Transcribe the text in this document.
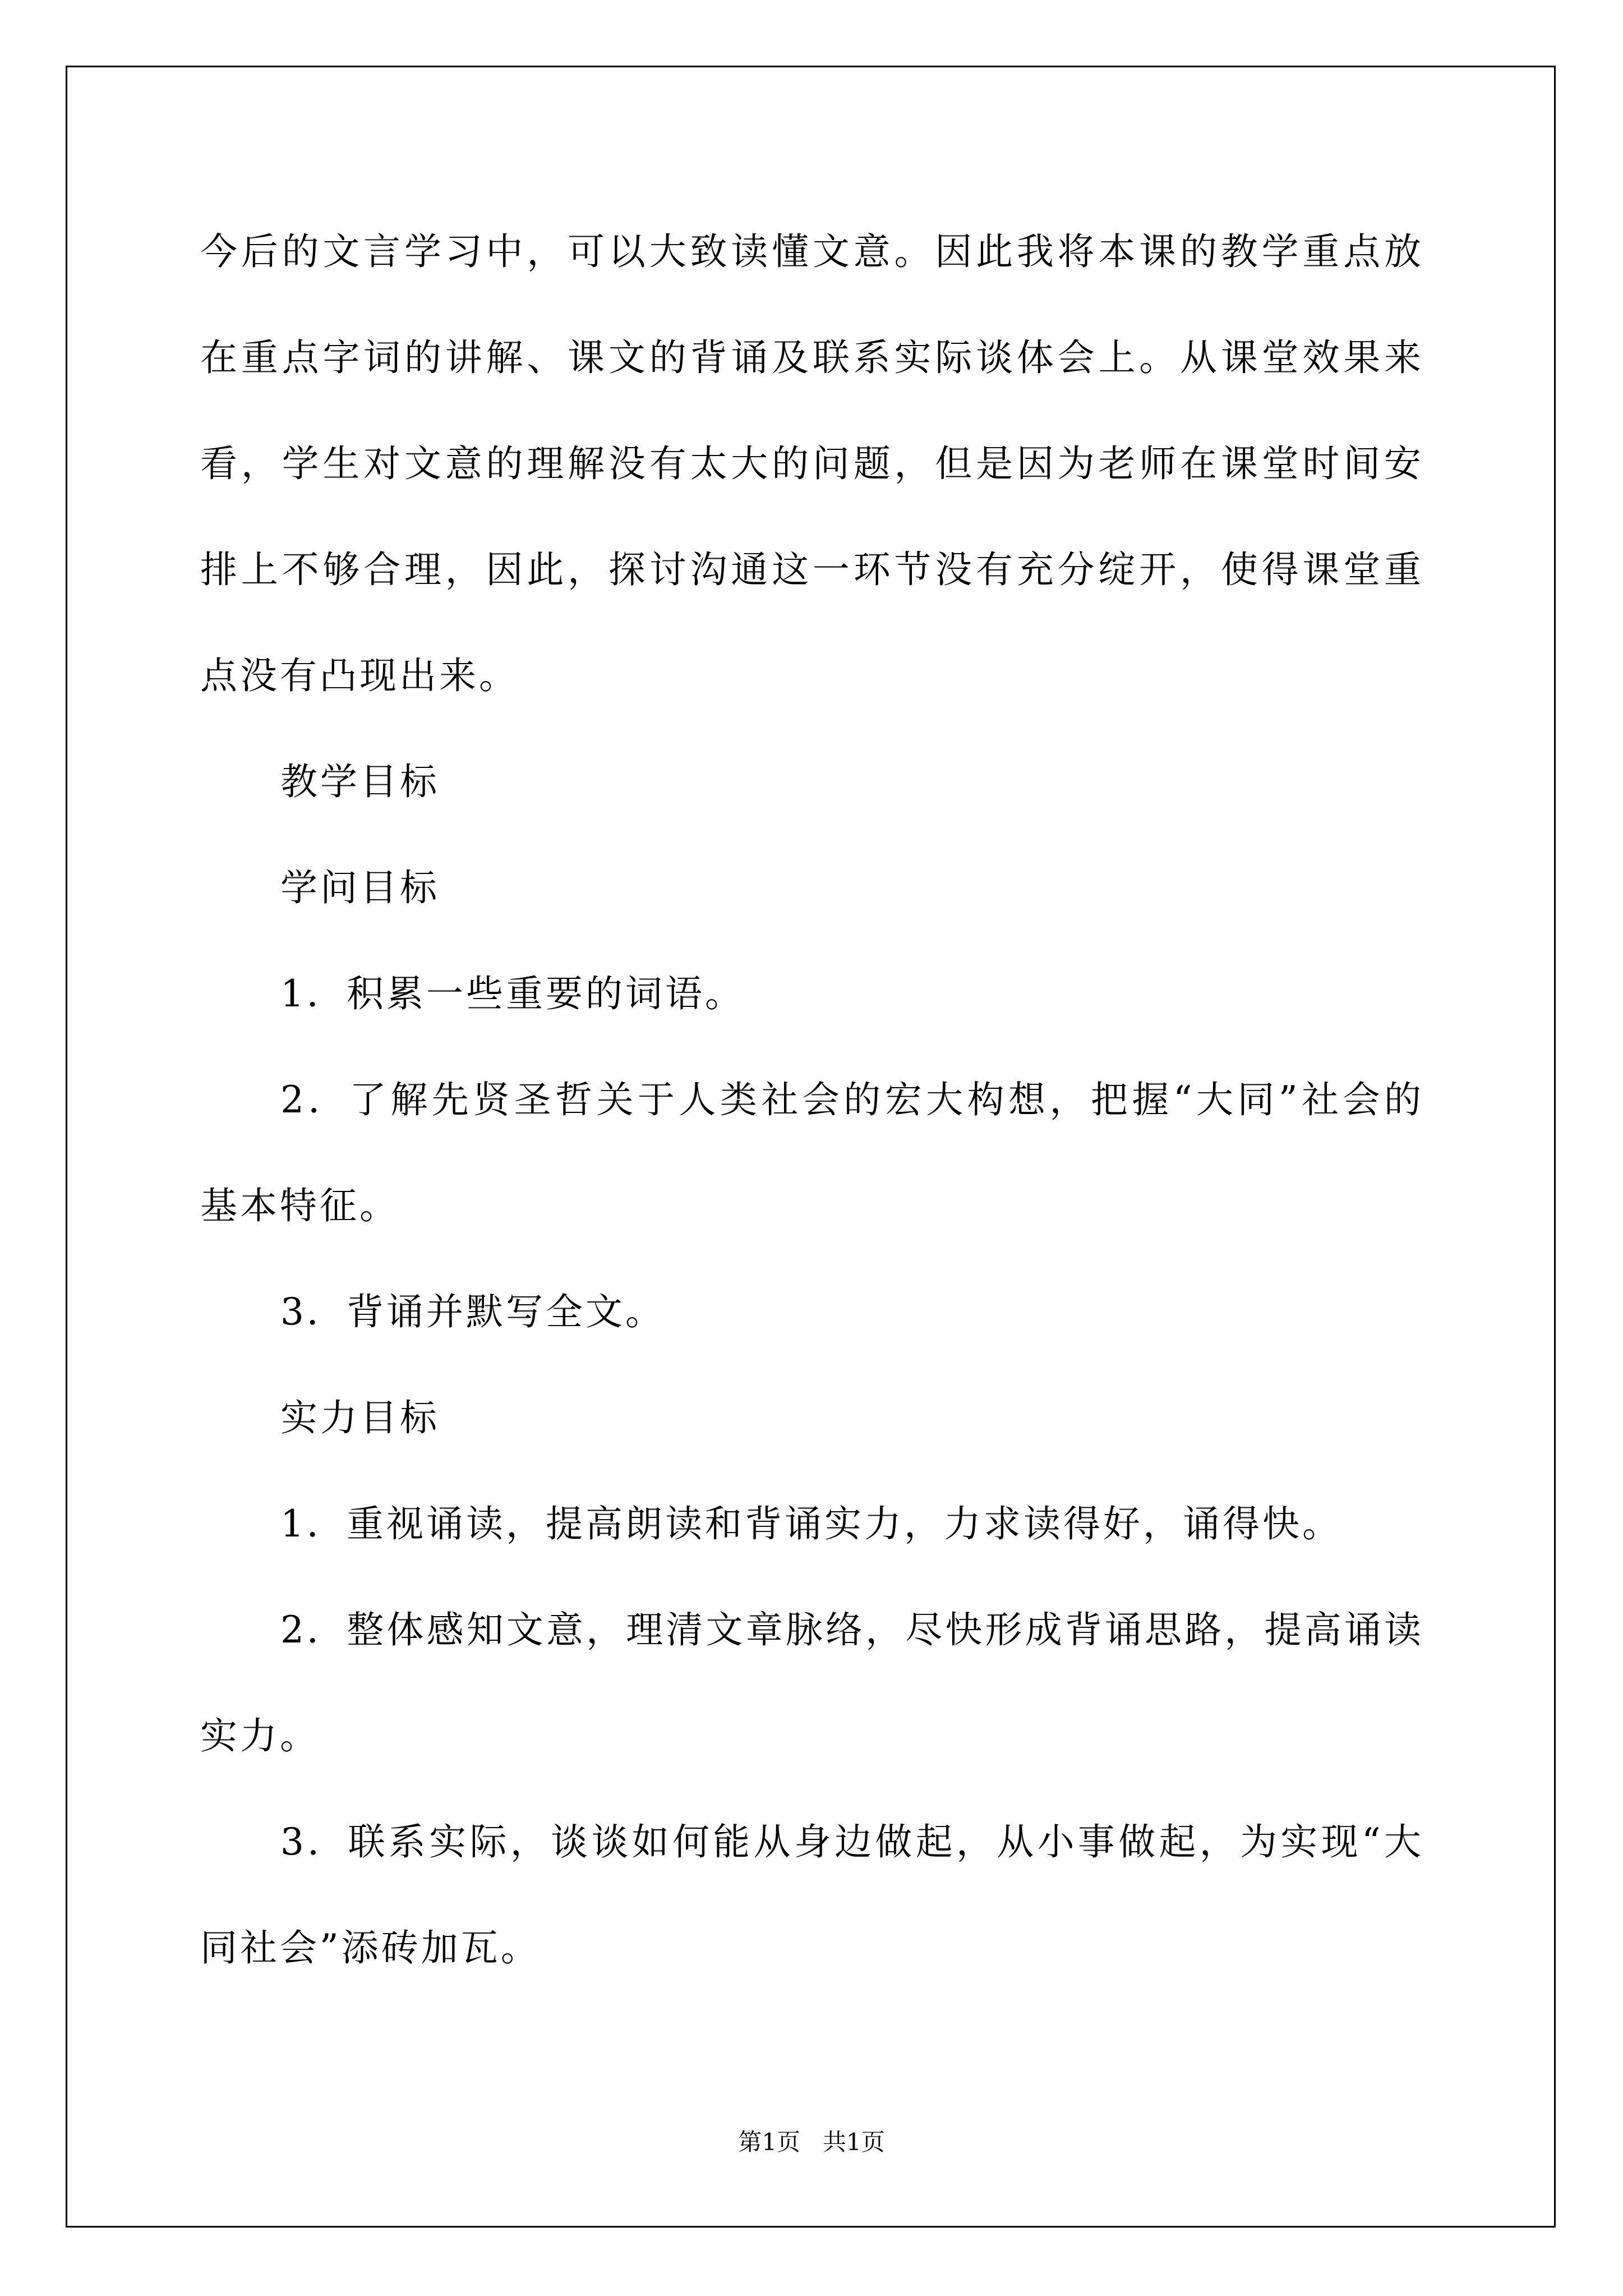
今后的文言学习中，可以大致读懂文意。因此我将本课的教学重点放
在重点字词的讲解、课文的背诵及联系实际谈体会上。从课堂效果来
看，学生对文意的理解没有太大的问题，但是因为老师在课堂时间安
排上不够合理，因此，探讨沟通这一环节没有充分绽开，使得课堂重
点没有凸现出来。
教学目标
学问目标
1．积累一些重要的词语。
2．了解先贤圣哲关于人类社会的宏大构想，把握“大同”社会的
基本特征。
3．背诵并默写全文。
实力目标
1．重视诵读，提高朗读和背诵实力，力求读得好，诵得快。
2．整体感知文意，理清文章脉络，尽快形成背诵思路，提高诵读
实力。
3．联系实际，谈谈如何能从身边做起，从小事做起，为实现“大
同社会”添砖加瓦。
第1页 共1页
